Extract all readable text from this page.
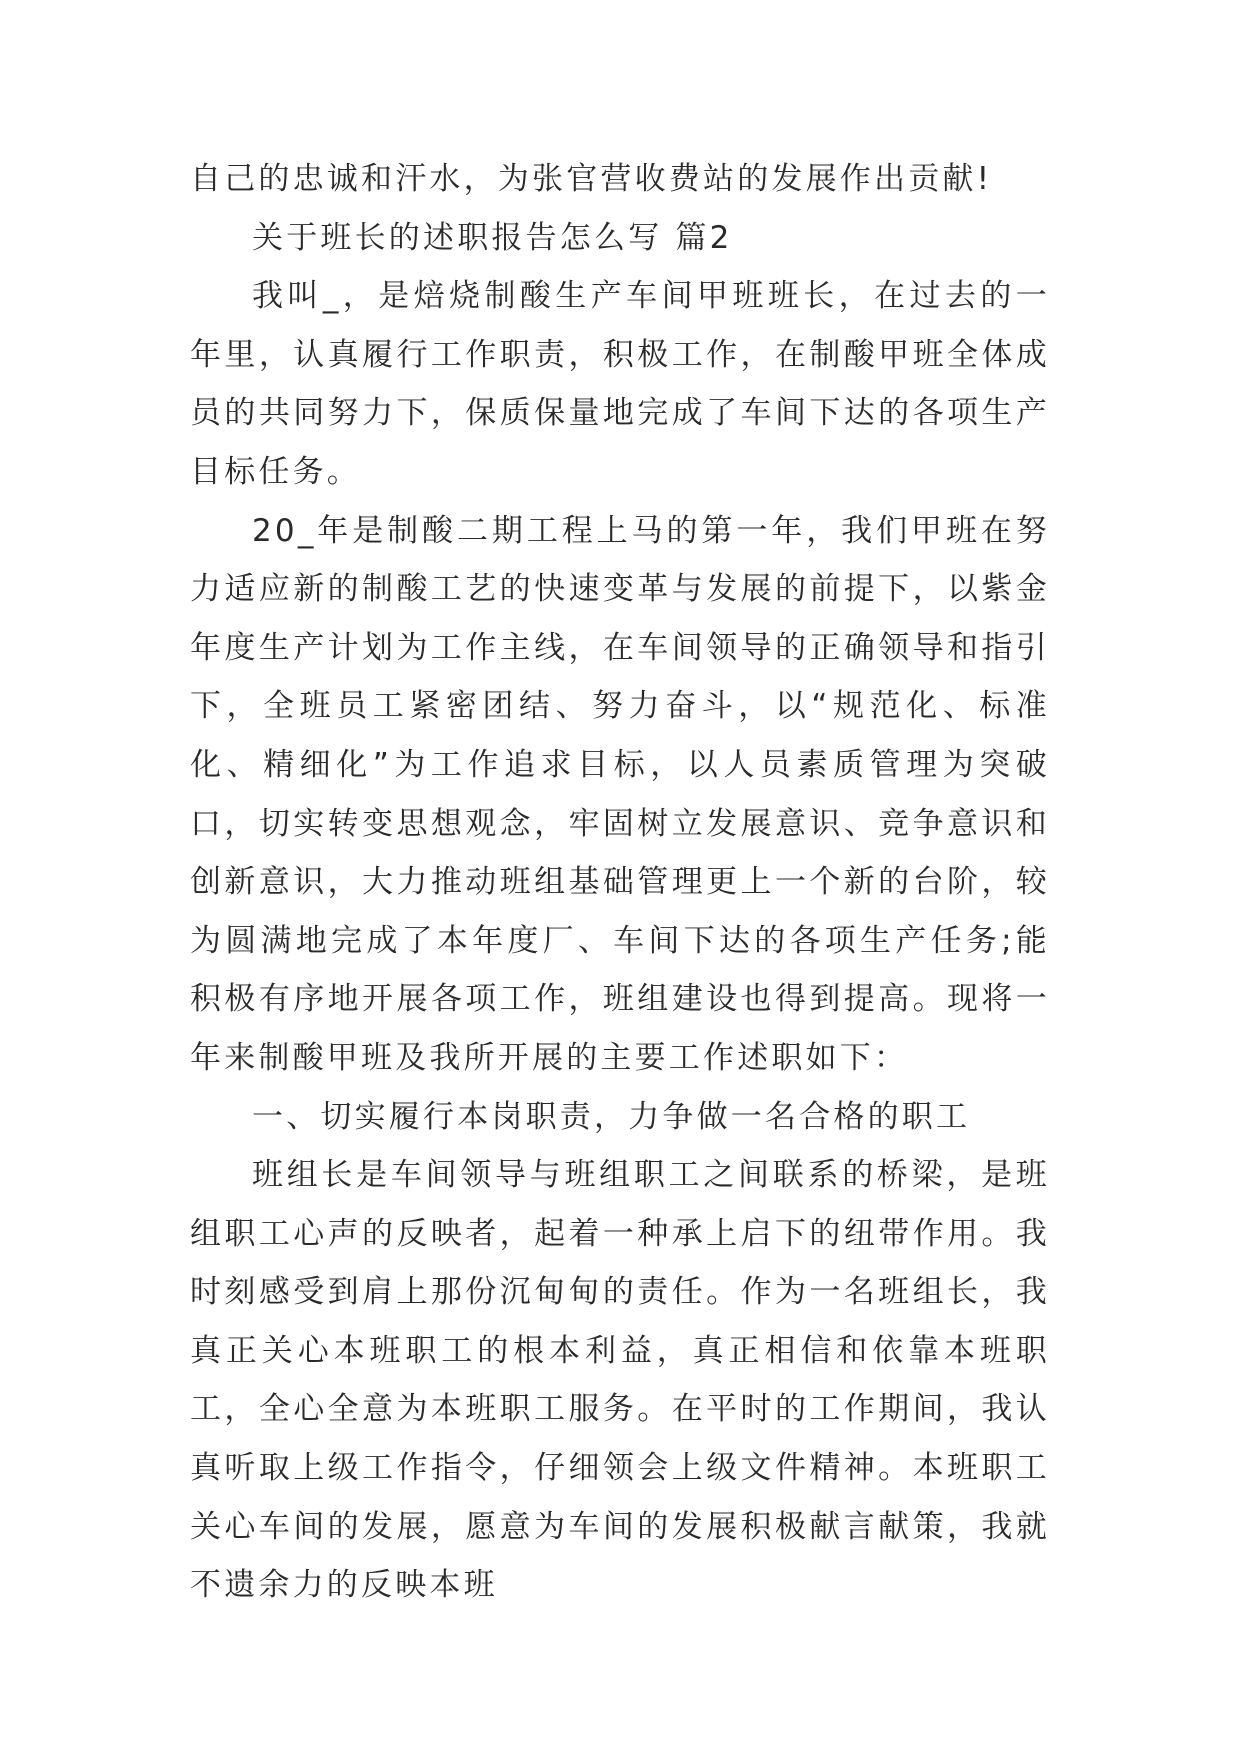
自己的忠诚和汗水，为张官营收费站的发展作出贡献!

关于班长的述职报告怎么写 篇2

我叫_，是焙烧制酸生产车间甲班班长，在过去的一年里，认真履行工作职责，积极工作，在制酸甲班全体成员的共同努力下，保质保量地完成了车间下达的各项生产目标任务。

20_年是制酸二期工程上马的第一年，我们甲班在努力适应新的制酸工艺的快速变革与发展的前提下，以紫金年度生产计划为工作主线，在车间领导的正确领导和指引下，全班员工紧密团结、努力奋斗，以“规范化、标准化、精细化”为工作追求目标，以人员素质管理为突破口，切实转变思想观念，牢固树立发展意识、竞争意识和创新意识，大力推动班组基础管理更上一个新的台阶，较为圆满地完成了本年度厂、车间下达的各项生产任务;能积极有序地开展各项工作，班组建设也得到提高。现将一年来制酸甲班及我所开展的主要工作述职如下：

一、切实履行本岗职责，力争做一名合格的职工

班组长是车间领导与班组职工之间联系的桥梁，是班组职工心声的反映者，起着一种承上启下的纽带作用。我时刻感受到肩上那份沉甸甸的责任。作为一名班组长，我真正关心本班职工的根本利益，真正相信和依靠本班职工，全心全意为本班职工服务。在平时的工作期间，我认真听取上级工作指令，仔细领会上级文件精神。本班职工关心车间的发展，愿意为车间的发展积极献言献策，我就不遗余力的反映本班
